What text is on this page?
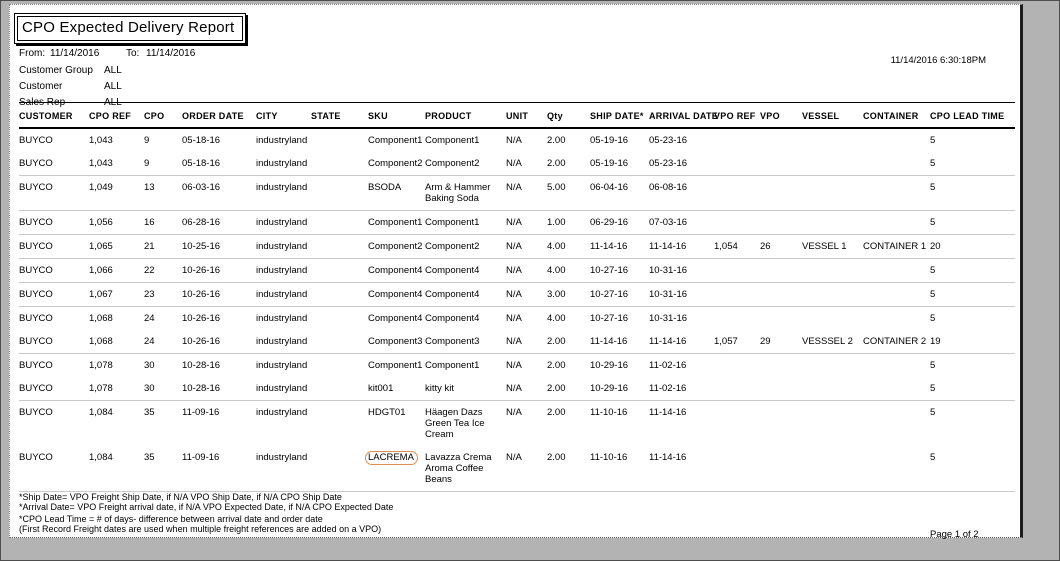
CPO Expected Delivery Report
11/14/2016 6:30:18PM
From: 11/14/2016	To: 11/14/2016
Customer Group ALL
Customer	ALL
Sales Rep	ALL
CUSTOMER	CPO REF	CPO	ORDER DATE	CITY	STATE	SKU	PRODUCT	UNIT	Qty	SHIP DATE*	ARRIVAL DATE	VPO REF	VPO	VESSEL	CONTAINER	CPO LEAD TIME
BUYCO	1,043	9	05-18-16	industryland		Component1	Component1	N/A	2.00	05-19-16	05-23-16					5
BUYCO	1,043	9	05-18-16	industryland		Component2	Component2	N/A	2.00	05-19-16	05-23-16					5
BUYCO	1,049	13	06-03-16	industryland		BSODA	Arm & Hammer Baking Soda	N/A	5.00	06-04-16	06-08-16					5
BUYCO	1,056	16	06-28-16	industryland		Component1	Component1	N/A	1.00	06-29-16	07-03-16					5
BUYCO	1,065	21	10-25-16	industryland		Component2	Component2	N/A	4.00	11-14-16	11-14-16	1,054	26	VESSEL 1	CONTAINER 1	20
BUYCO	1,066	22	10-26-16	industryland		Component4	Component4	N/A	4.00	10-27-16	10-31-16					5
BUYCO	1,067	23	10-26-16	industryland		Component4	Component4	N/A	3.00	10-27-16	10-31-16					5
BUYCO	1,068	24	10-26-16	industryland		Component4	Component4	N/A	4.00	10-27-16	10-31-16					5
BUYCO	1,068	24	10-26-16	industryland		Component3	Component3	N/A	2.00	11-14-16	11-14-16	1,057	29	VESSSEL 2	CONTAINER 2	19
BUYCO	1,078	30	10-28-16	industryland		Component1	Component1	N/A	2.00	10-29-16	11-02-16					5
BUYCO	1,078	30	10-28-16	industryland		kit001	kitty kit	N/A	2.00	10-29-16	11-02-16					5
BUYCO	1,084	35	11-09-16	industryland		HDGT01	Häagen Dazs Green Tea Ice Cream	N/A	2.00	11-10-16	11-14-16					5
BUYCO	1,084	35	11-09-16	industryland		LACREMA	Lavazza Crema Aroma Coffee Beans	N/A	2.00	11-10-16	11-14-16					5
*Ship Date= VPO Freight Ship Date, if N/A VPO Ship Date, if N/A CPO Ship Date
*Arrival Date= VPO Freight arrival date, if N/A VPO Expected Date, if N/A CPO Expected Date
*CPO Lead Time = # of days- difference between arrival date and order date
(First Record Freight dates are used when multiple freight references are added on a VPO)	Page 1 of 2
